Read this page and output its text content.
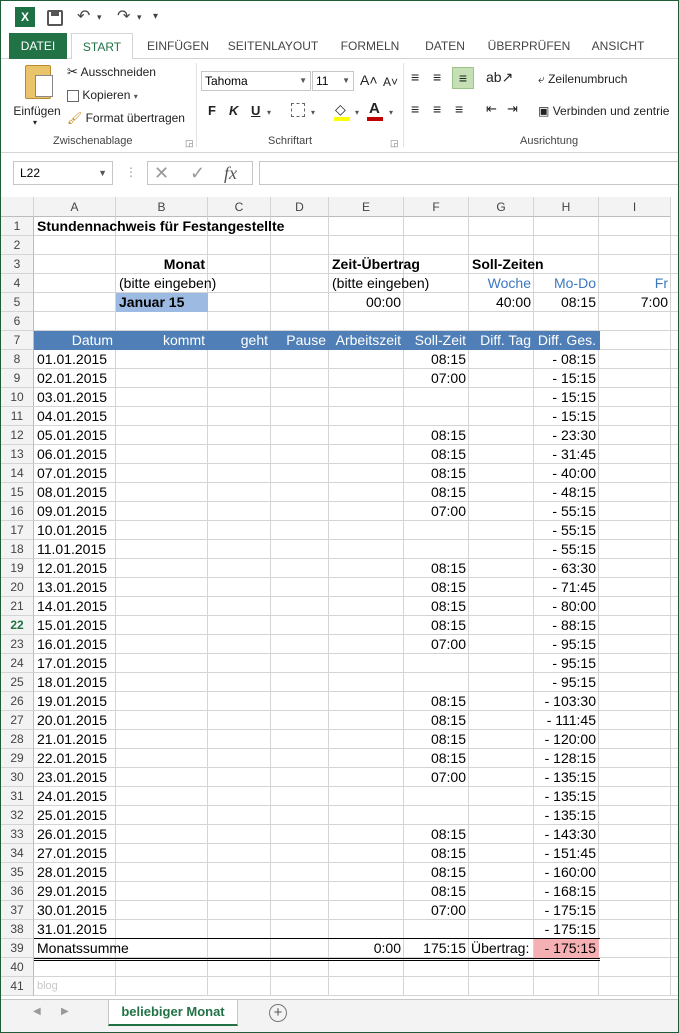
X	↶ ▾ ↷ ▾ ▾
DATEI	START	EINFÜGEN	SEITENLAYOUT	FORMELN	DATEN	ÜBERPRÜFEN	ANSICHT
Einfügen
▾
✂ Ausschneiden
Kopieren ▾
🖌 Format übertragen
Zwischenablage	◲
Tahoma	▼ 11 ▼ A˄ A˅
F K U ▾	▾ ◇ ▾ A ▾
Schriftart	◲
≡ ≡	≡	ab↗
≡ ≡ ≡ ⇤ ⇥
⤶ Zeilenumbruch
▣ Verbinden und zentrie
Ausrichtung
L22	▼ ⋮ ✕ ✓ fx
A	B	C	D	E	F	G	H	I
1
2
3
4
5
6
7
8
9
10
11
12
13
14
15
16
17
18
19
20
21
22
23
24
25
26
27
28
29
30
31
32
33
34
35
36
37
38
39
40
41
Stundennachweis für Festangestellte
Monat
(bitte eingeben)
Januar 15
Zeit-Übertrag
(bitte eingeben)
00:00
Soll-Zeiten
Woche	Mo-Do	Fr
40:00	08:15	7:00
Datum	kommt	geht	Pause Arbeitszeit Soll-Zeit	Diff. Tag Diff. Ges.
01.01.2015	08:15	- 08:15
02.01.2015	07:00	- 15:15
03.01.2015	- 15:15
04.01.2015	- 15:15
05.01.2015	08:15	- 23:30
06.01.2015	08:15	- 31:45
07.01.2015	08:15	- 40:00
08.01.2015	08:15	- 48:15
09.01.2015	07:00	- 55:15
10.01.2015	- 55:15
11.01.2015	- 55:15
12.01.2015	08:15	- 63:30
13.01.2015	08:15	- 71:45
14.01.2015	08:15	- 80:00
15.01.2015	08:15	- 88:15
16.01.2015	07:00	- 95:15
17.01.2015	- 95:15
18.01.2015	- 95:15
19.01.2015	08:15	- 103:30
20.01.2015	08:15	- 111:45
21.01.2015	08:15	- 120:00
22.01.2015	08:15	- 128:15
23.01.2015	07:00	- 135:15
24.01.2015	- 135:15
25.01.2015	- 135:15
26.01.2015	08:15	- 143:30
27.01.2015	08:15	- 151:45
28.01.2015	08:15	- 160:00
29.01.2015	08:15	- 168:15
30.01.2015	07:00	- 175:15
31.01.2015	- 175:15
Monatssumme	0:00	175:15 Übertrag:	- 175:15
blog
◀ ▶	beliebiger Monat	+
